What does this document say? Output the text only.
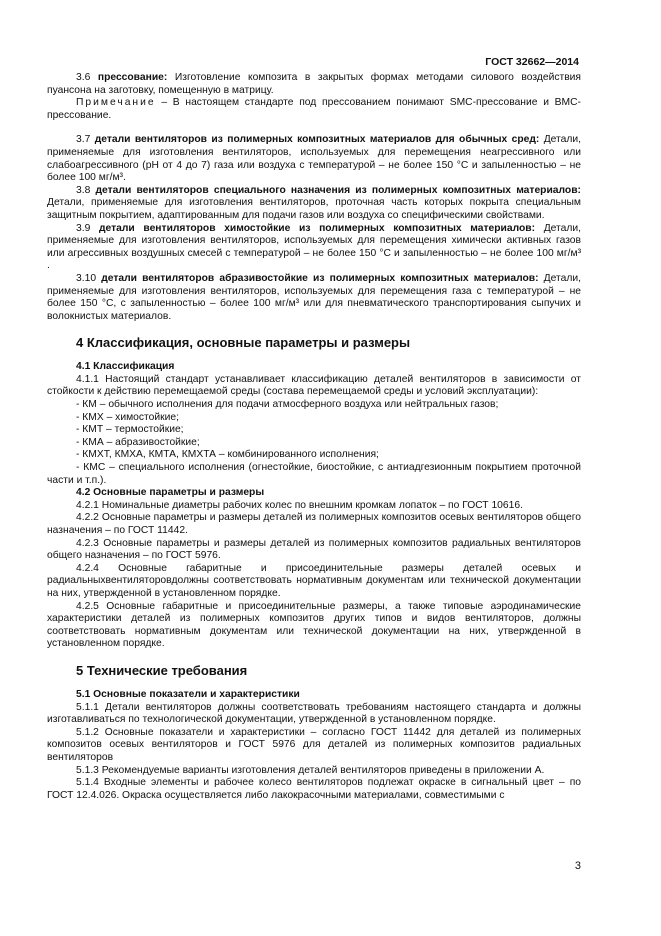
ГОСТ 32662—2014

3.6 прессование: Изготовление композита в закрытых формах методами силового воздействия пуансона на заготовку, помещенную в матрицу.

Примечание – В настоящем стандарте под прессованием понимают SMC-прессование и BMC-прессование.

3.7 детали вентиляторов из полимерных композитных материалов для обычных сред: Детали, применяемые для изготовления вентиляторов, используемых для перемещения неагрессивного или слабоагрессивного (pH от 4 до 7) газа или воздуха с температурой – не более 150 °С и запыленностью – не более 100 мг/м³.

3.8 детали вентиляторов специального назначения из полимерных композитных материалов: Детали, применяемые для изготовления вентиляторов, проточная часть которых покрыта специальным защитным покрытием, адаптированным для подачи газов или воздуха со специфическими свойствами.

3.9 детали вентиляторов химостойкие из полимерных композитных материалов: Детали, применяемые для изготовления вентиляторов, используемых для перемещения химически активных газов или агрессивных воздушных смесей с температурой – не более 150 °С и запыленностью – не более 100 мг/м³ .

3.10 детали вентиляторов абразивостойкие из полимерных композитных материалов: Детали, применяемые для изготовления вентиляторов, используемых для перемещения газа с температурой – не более 150 °С, с запыленностью – более 100 мг/м³ или для пневматического транспортирования сыпучих и волокнистых материалов.

4 Классификация, основные параметры и размеры

4.1 Классификация

4.1.1 Настоящий стандарт устанавливает классификацию деталей вентиляторов в зависимости от стойкости к действию перемещаемой среды (состава перемещаемой среды и условий эксплуатации):

- КМ – обычного исполнения для подачи атмосферного воздуха или нейтральных газов;
- КМХ – химостойкие;
- КМТ – термостойкие;
- КМА – абразивостойкие;
- КМХТ, КМХА, КМТА, КМХТА – комбинированного исполнения;
- КМС – специального исполнения (огнестойкие, биостойкие, с антиадгезионным покрытием проточной части и т.п.).

4.2 Основные параметры и размеры

4.2.1 Номинальные диаметры рабочих колес по внешним кромкам лопаток – по ГОСТ 10616.

4.2.2 Основные параметры и размеры деталей из полимерных композитов осевых вентиляторов общего назначения – по ГОСТ 11442.

4.2.3 Основные параметры и размеры деталей из полимерных композитов радиальных вентиляторов общего назначения – по ГОСТ 5976.

4.2.4 Основные габаритные и присоединительные размеры деталей осевых и радиальныхвентиляторовдолжны соответствовать нормативным документам или технической документации на них, утвержденной в установленном порядке.

4.2.5 Основные габаритные и присоединительные размеры, а также типовые аэродинамические характеристики деталей из полимерных композитов других типов и видов вентиляторов, должны соответствовать нормативным документам или технической документации на них, утвержденной в установленном порядке.

5 Технические требования

5.1 Основные показатели и характеристики

5.1.1 Детали вентиляторов должны соответствовать требованиям настоящего стандарта и должны изготавливаться по технологической документации, утвержденной в установленном порядке.

5.1.2 Основные показатели и характеристики – согласно ГОСТ 11442 для деталей из полимерных композитов осевых вентиляторов и ГОСТ 5976 для деталей из полимерных композитов радиальных вентиляторов

5.1.3 Рекомендуемые варианты изготовления деталей вентиляторов приведены в приложении А.

5.1.4 Входные элементы и рабочее колесо вентиляторов подлежат окраске в сигнальный цвет – по ГОСТ 12.4.026. Окраска осуществляется либо лакокрасочными материалами, совместимыми с

3
